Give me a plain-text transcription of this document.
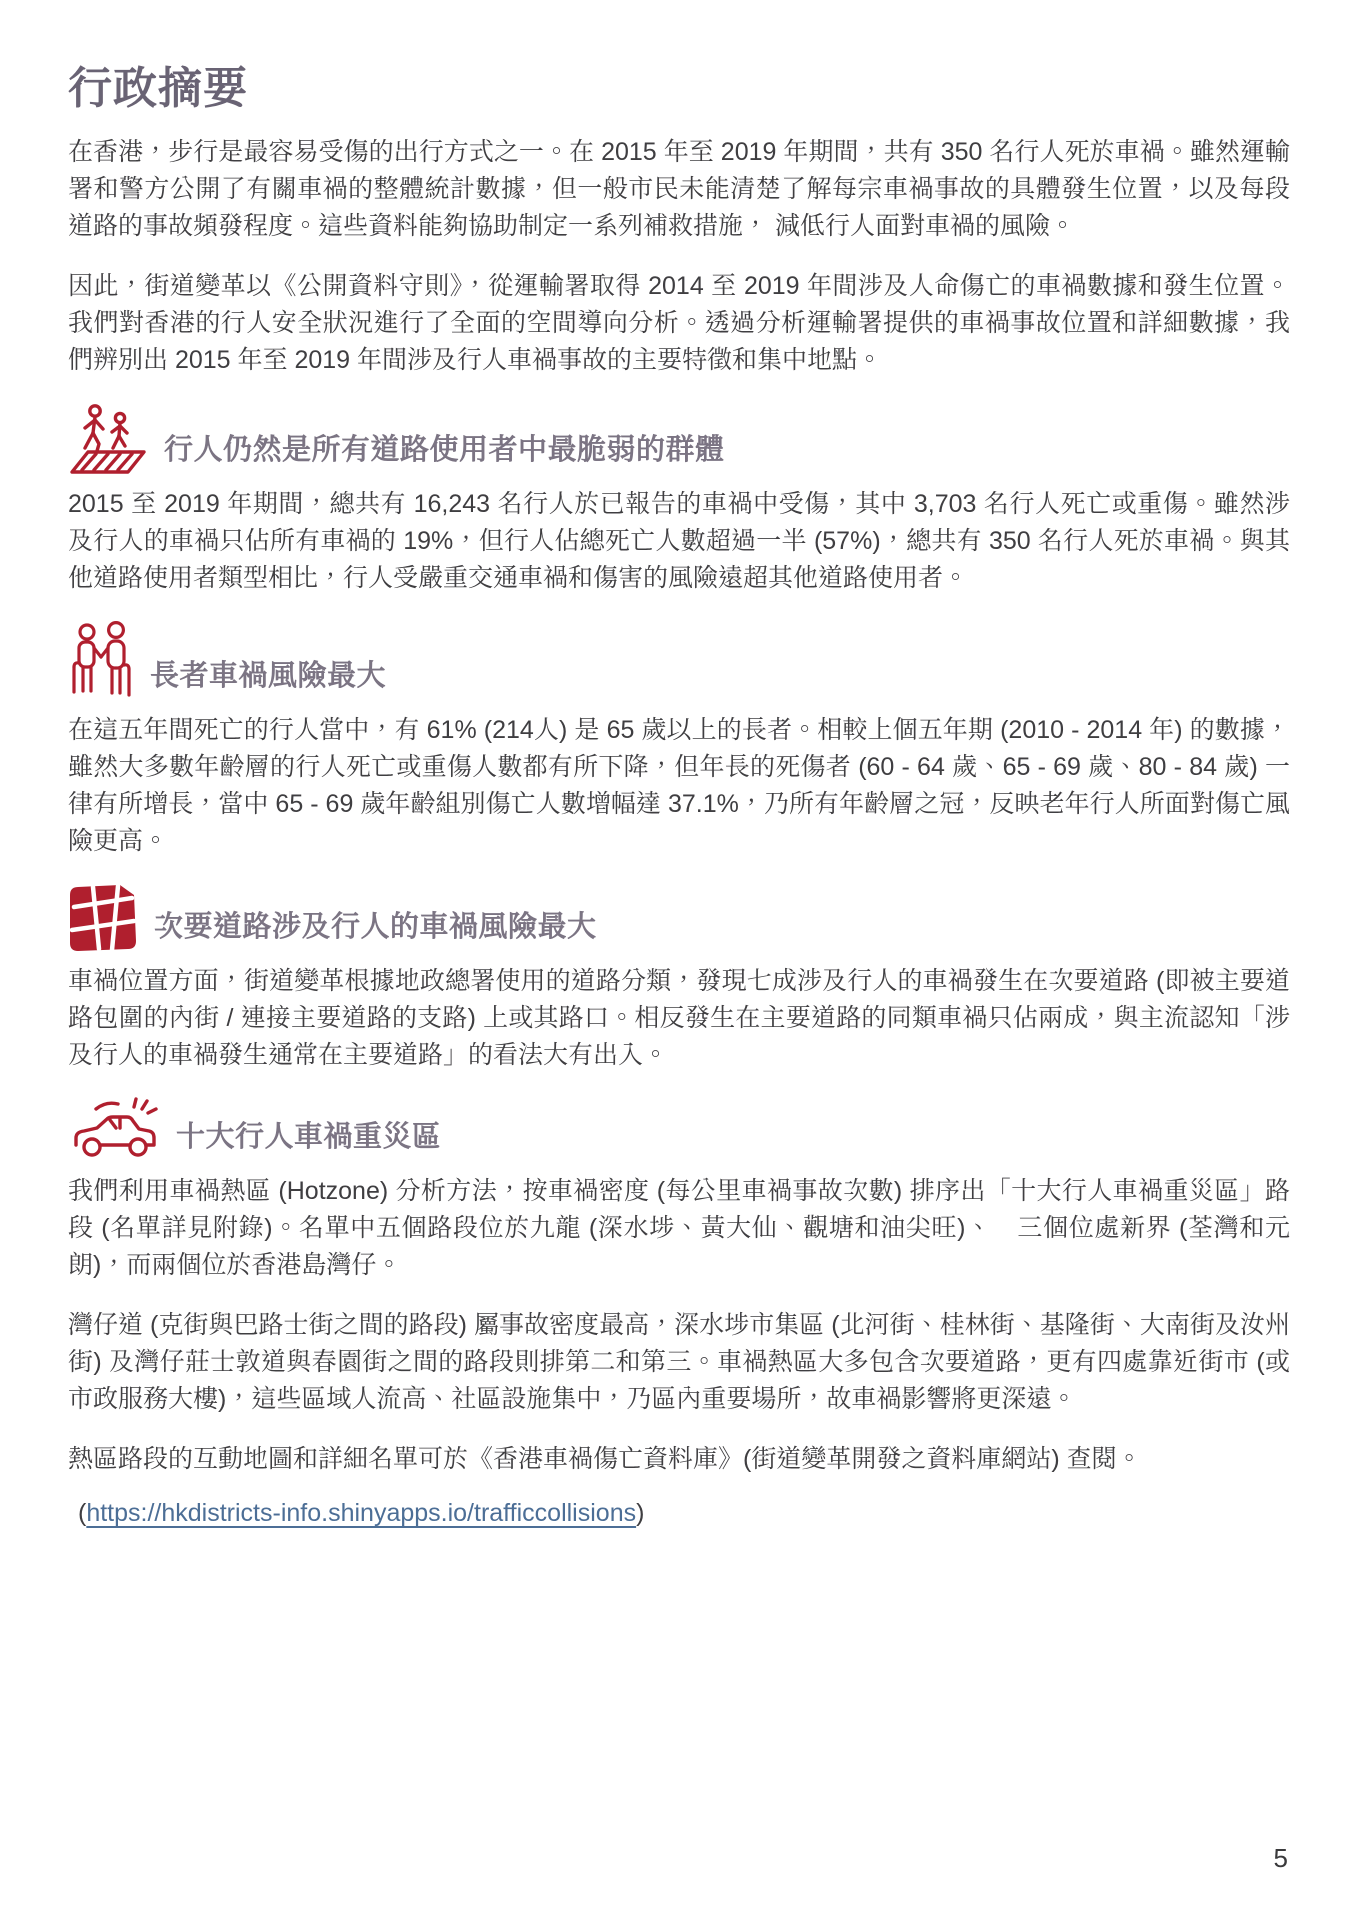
行政摘要

在香港，步行是最容易受傷的出行方式之一。在 2015 年至 2019 年期間，共有 350 名行人死於車禍。雖然運輸署和警方公開了有關車禍的整體統計數據，但一般市民未能清楚了解每宗車禍事故的具體發生位置，以及每段道路的事故頻發程度。這些資料能夠協助制定一系列補救措施， 減低行人面對車禍的風險。

因此，街道變革以《公開資料守則》，從運輸署取得 2014 至 2019 年間涉及人命傷亡的車禍數據和發生位置。我們對香港的行人安全狀況進行了全面的空間導向分析。透過分析運輸署提供的車禍事故位置和詳細數據，我們辨別出 2015 年至 2019 年間涉及行人車禍事故的主要特徵和集中地點。

行人仍然是所有道路使用者中最脆弱的群體

2015 至 2019 年期間，總共有 16,243 名行人於已報告的車禍中受傷，其中 3,703 名行人死亡或重傷。雖然涉及行人的車禍只佔所有車禍的 19%，但行人佔總死亡人數超過一半 (57%)，總共有 350 名行人死於車禍。與其他道路使用者類型相比，行人受嚴重交通車禍和傷害的風險遠超其他道路使用者。

長者車禍風險最大

在這五年間死亡的行人當中，有 61% (214人) 是 65 歲以上的長者。相較上個五年期 (2010 - 2014 年) 的數據，雖然大多數年齡層的行人死亡或重傷人數都有所下降，但年長的死傷者 (60 - 64 歲、65 - 69 歲、80 - 84 歲) 一律有所增長，當中 65 - 69 歲年齡組別傷亡人數增幅達 37.1%，乃所有年齡層之冠，反映老年行人所面對傷亡風險更高。

次要道路涉及行人的車禍風險最大

車禍位置方面，街道變革根據地政總署使用的道路分類，發現七成涉及行人的車禍發生在次要道路 (即被主要道路包圍的內街 / 連接主要道路的支路) 上或其路口。相反發生在主要道路的同類車禍只佔兩成，與主流認知「涉及行人的車禍發生通常在主要道路」的看法大有出入。

十大行人車禍重災區

我們利用車禍熱區 (Hotzone) 分析方法，按車禍密度 (每公里車禍事故次數) 排序出「十大行人車禍重災區」路段 (名單詳見附錄)。名單中五個路段位於九龍 (深水埗、黃大仙、觀塘和油尖旺)、　三個位處新界 (荃灣和元朗)，而兩個位於香港島灣仔。

灣仔道 (克街與巴路士街之間的路段) 屬事故密度最高，深水埗市集區 (北河街、桂林街、基隆街、大南街及汝州街) 及灣仔莊士敦道與春園街之間的路段則排第二和第三。車禍熱區大多包含次要道路，更有四處靠近街市 (或市政服務大樓)，這些區域人流高、社區設施集中，乃區內重要場所，故車禍影響將更深遠。

熱區路段的互動地圖和詳細名單可於《香港車禍傷亡資料庫》(街道變革開發之資料庫網站) 查閱。

(https://hkdistricts-info.shinyapps.io/trafficcollisions)
5
